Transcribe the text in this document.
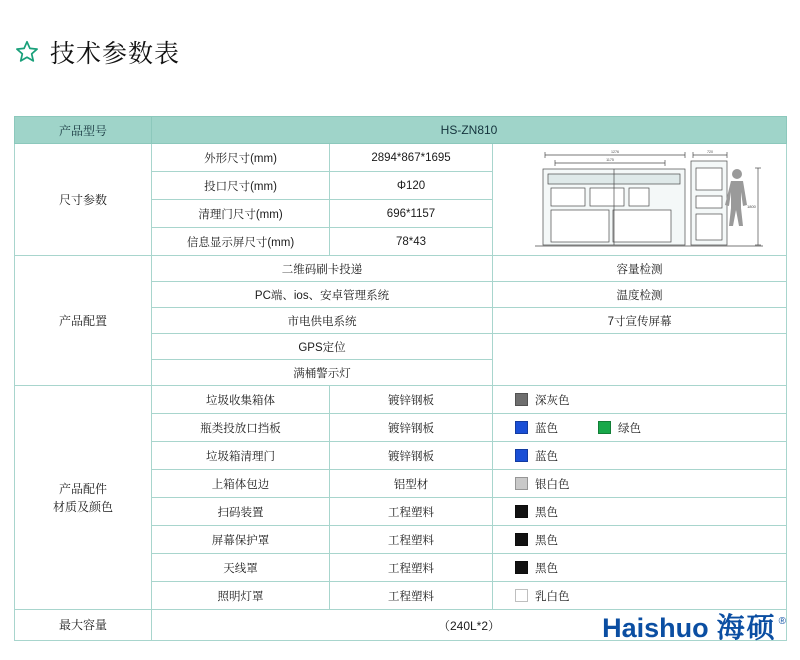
技术参数表
产品型号	HS-ZN810		
尺寸参数	外形尺寸(mm)	2894*867*1695	1276 720
1175
1800

	投口尺寸(mm)	Φ120	
	清理门尺寸(mm)	696*1157	
	信息显示屏尺寸(mm)	78*43	
产品配置	二维码刷卡投递		容量检测
	PC端、ios、安卓管理系统		温度检测
	市电供电系统		7寸宣传屏幕
	GPS定位		
	满桶警示灯		
产品配件
材质及颜色	垃圾收集箱体	镀锌钢板	深灰色

	瓶类投放口挡板	镀锌钢板	蓝色 绿色

	垃圾箱清理门	镀锌钢板	蓝色

	上箱体包边	铝型材	银白色

	扫码装置	工程塑料	黑色

	屏幕保护罩	工程塑料	黑色

	天线罩	工程塑料	黑色

	照明灯罩	工程塑料	乳白色

最大容量	（240L*2）			Haishuo 海硕 ®
